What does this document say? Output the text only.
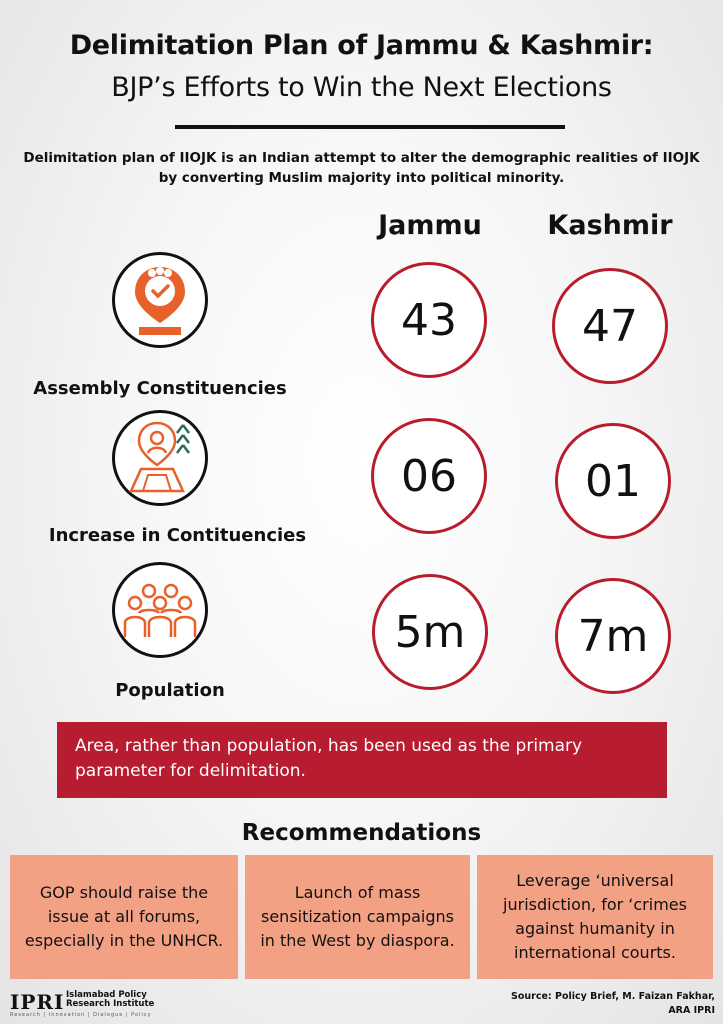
Delimitation Plan of Jammu & Kashmir:
BJP’s Efforts to Win the Next Elections
Delimitation plan of IIOJK is an Indian attempt to alter the demographic realities of IIOJK by converting Muslim majority into political minority.
Jammu	Kashmir
Assembly Constituencies
43	47
Increase in Contituencies
06	01
Population
5m	7m
Area, rather than population, has been used as the primary parameter for delimitation.
Recommendations
GOP should raise the issue at all forums, especially in the UNHCR.
Launch of mass sensitization campaigns in the West by diaspora.
Leverage ‘universal jurisdiction, for ‘crimes against humanity in international courts.
IPRI Islamabad Policy
Research Institute
Research | Innovation | Dialogue | Policy
Source: Policy Brief, M. Faizan Fakhar,
ARA IPRI
